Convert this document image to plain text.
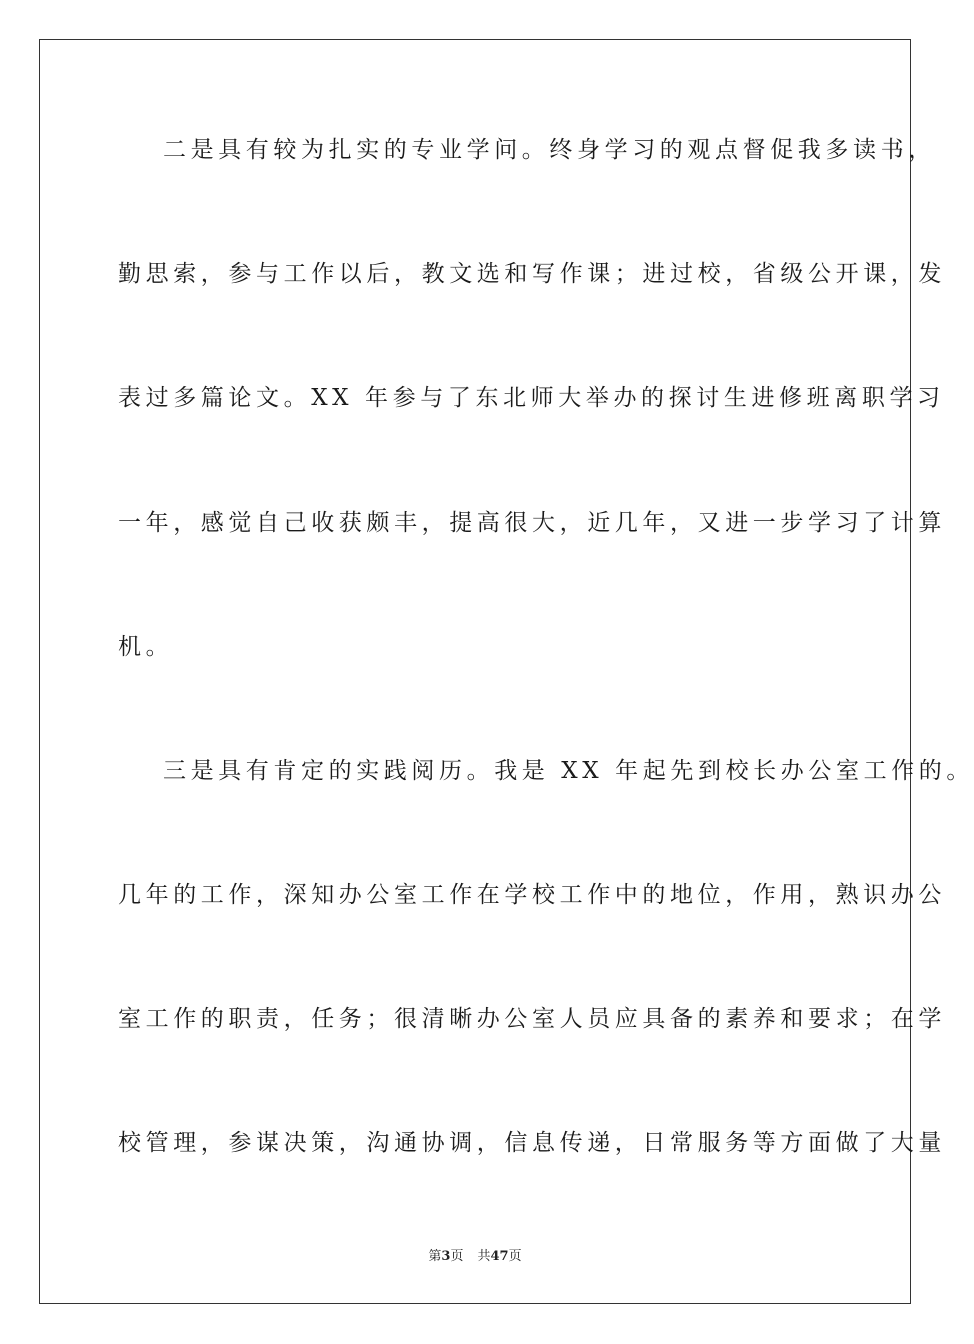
二是具有较为扎实的专业学问。终身学习的观点督促我多读书，
勤思索，参与工作以后，教文选和写作课；进过校，省级公开课，发
表过多篇论文。XX 年参与了东北师大举办的探讨生进修班离职学习
一年，感觉自己收获颇丰，提高很大，近几年，又进一步学习了计算
机。
三是具有肯定的实践阅历。我是 XX 年起先到校长办公室工作的。
几年的工作，深知办公室工作在学校工作中的地位，作用，熟识办公
室工作的职责，任务；很清晰办公室人员应具备的素养和要求；在学
校管理，参谋决策，沟通协调，信息传递，日常服务等方面做了大量
第3页 共47页
